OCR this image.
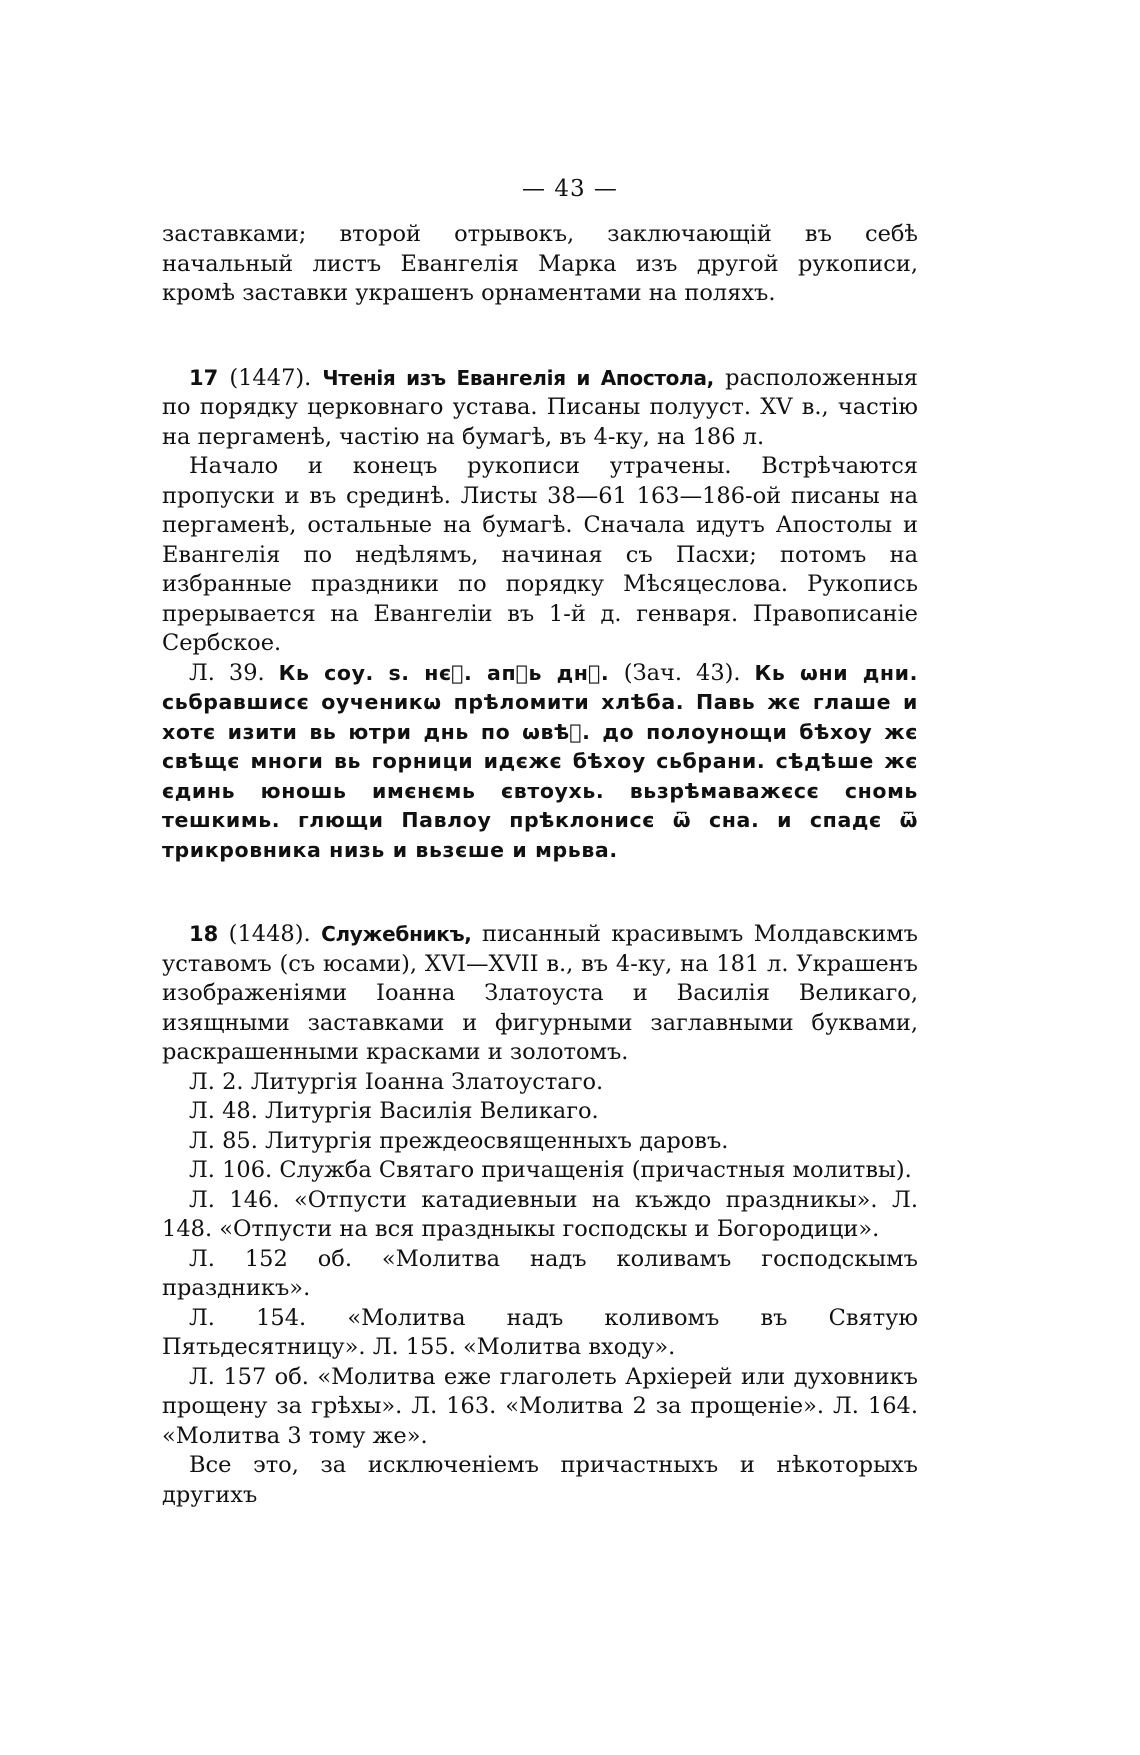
— 43 —

заставками; второй отрывокъ, заключающій въ себѣ начальный листъ Евангелія Марка изъ другой рукописи, кромѣ заставки украшенъ орнаментами на поляхъ.

17 (1447). Чтенія изъ Евангелія и Апостола, расположенныя по порядку церковнаго устава. Писаны полууст. XV в., частію на пергаменѣ, частію на бумагѣ, въ 4-ку, на 186 л.

Начало и конецъ рукописи утрачены. Встрѣчаются пропуски и въ срединѣ. Листы 38—61 163—186-ой писаны на пергаменѣ, остальные на бумагѣ. Сначала идутъ Апостолы и Евангелія по недѣлямъ, начиная съ Пасхи; потомъ на избранные праздники по порядку Мѣсяцеслова. Рукопись прерывается на Евангеліи въ 1-й д. генваря. Правописаніе Сербское.

Л. 39. Кь сoу. s. нєⷯ. апⷧь днⷭ. (Зач. 43). Кь ѡни дни. сьбравшисє оученикѡ прѣломити хлѣба. Павь жє глаше и хотє изити вь ютри днь по ѡвѣⷯ. до полоунощи бѣхоу жє свѣщє многи вь горници идєжє бѣхоу сьбрани. сѣдѣше жє єдинь юношь имєнємь євтоухь. вьзрѣмаважєсє сномь тешкимь. глющи Павлоу прѣклонисє ѿ сна. и спадє ѿ трикровника низь и вьзєше и мрьва.

18 (1448). Служебникъ, писанный красивымъ Молдавскимъ уставомъ (съ юсами), XVI—XVII в., въ 4-ку, на 181 л. Украшенъ изображеніями Іоанна Златоуста и Василія Великаго, изящными заставками и фигурными заглавными буквами, раскрашенными красками и золотомъ.

Л. 2. Литургія Іоанна Златоустаго.

Л. 48. Литургія Василія Великаго.

Л. 85. Литургія преждеосвященныхъ даровъ.

Л. 106. Служба Святаго причащенія (причастныя молитвы).

Л. 146. «Отпусти катадиевныи на къждо праздникы». Л. 148. «Отпусти на вся праздныкы господскы и Богородици».

Л. 152 об. «Молитва надъ коливамъ господскымъ праздникъ».

Л. 154. «Молитва надъ коливомъ въ Святую Пятьдесятницу». Л. 155. «Молитва входу».

Л. 157 об. «Молитва еже глаголеть Архіерей или духовникъ прощену за грѣхы». Л. 163. «Молитва 2 за прощеніе». Л. 164. «Молитва 3 тому же».

Все это, за исключеніемъ причастныхъ и нѣкоторыхъ другихъ
